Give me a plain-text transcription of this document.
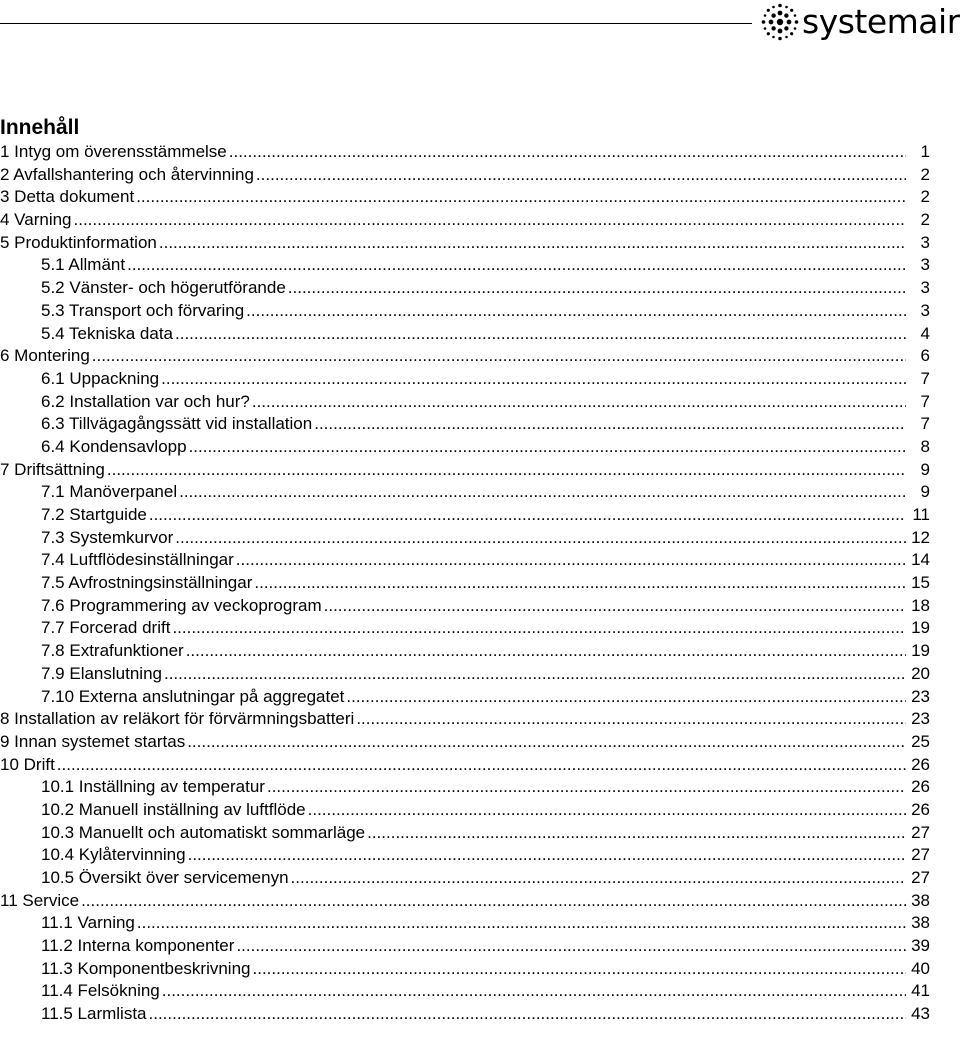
systemair
Innehåll
1 Intyg om överensstämmelse .....	1
2 Avfallshantering och återvinning .....	2
3 Detta dokument .....	2
4 Varning .....	2
5 Produktinformation .....	3
5.1 Allmänt .....	3
5.2 Vänster- och högerutförande .....	3
5.3 Transport och förvaring .....	3
5.4 Tekniska data .....	4
6 Montering .....	6
6.1 Uppackning .....	7
6.2 Installation var och hur? .....	7
6.3 Tillvägagångssätt vid installation .....	7
6.4 Kondensavlopp .....	8
7 Driftsättning .....	9
7.1 Manöverpanel .....	9
7.2 Startguide .....	11
7.3 Systemkurvor .....	12
7.4 Luftflödesinställningar .....	14
7.5 Avfrostningsinställningar .....	15
7.6 Programmering av veckoprogram .....	18
7.7 Forcerad drift .....	19
7.8 Extrafunktioner .....	19
7.9 Elanslutning .....	20
7.10 Externa anslutningar på aggregatet .....	23
8 Installation av reläkort för förvärmningsbatteri .....	23
9 Innan systemet startas .....	25
10 Drift .....	26
10.1 Inställning av temperatur .....	26
10.2 Manuell inställning av luftflöde .....	26
10.3 Manuellt och automatiskt sommarläge .....	27
10.4 Kylåtervinning .....	27
10.5 Översikt över servicemenyn .....	27
11 Service .....	38
11.1 Varning .....	38
11.2 Interna komponenter .....	39
11.3 Komponentbeskrivning .....	40
11.4 Felsökning .....	41
11.5 Larmlista .....	43
